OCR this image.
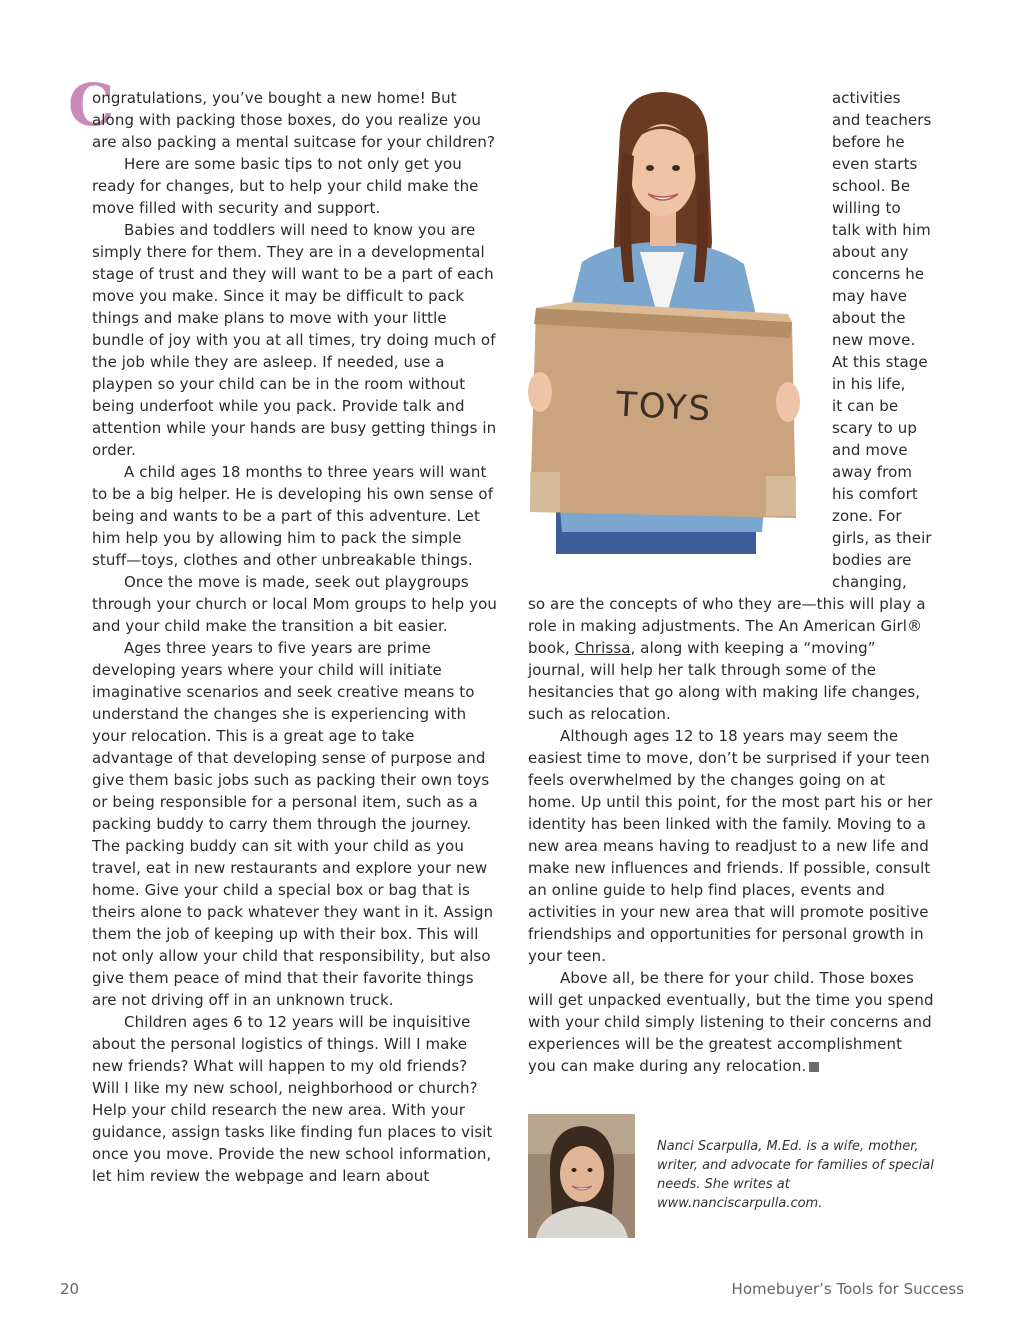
C

ongratulations, you’ve bought a new home! But along with packing those boxes, do you realize you are also packing a mental suitcase for your children?

Here are some basic tips to not only get you ready for changes, but to help your child make the move filled with security and support.

Babies and toddlers will need to know you are simply there for them. They are in a developmental stage of trust and they will want to be a part of each move you make. Since it may be difficult to pack things and make plans to move with your little bundle of joy with you at all times, try doing much of the job while they are asleep. If needed, use a playpen so your child can be in the room without being underfoot while you pack. Provide talk and attention while your hands are busy getting things in order.

A child ages 18 months to three years will want to be a big helper. He is developing his own sense of being and wants to be a part of this adventure. Let him help you by allowing him to pack the simple stuff—toys, clothes and other unbreakable things.

Once the move is made, seek out playgroups through your church or local Mom groups to help you and your child make the transition a bit easier.

Ages three years to five years are prime developing years where your child will initiate imaginative scenarios and seek creative means to understand the changes she is experiencing with your relocation. This is a great age to take advantage of that developing sense of purpose and give them basic jobs such as packing their own toys or being responsible for a personal item, such as a packing buddy to carry them through the journey. The packing buddy can sit with your child as you travel, eat in new restaurants and explore your new home. Give your child a special box or bag that is theirs alone to pack whatever they want in it. Assign them the job of keeping up with their box. This will not only allow your child that responsibility, but also give them peace of mind that their favorite things are not driving off in an unknown truck.

Children ages 6 to 12 years will be inquisitive about the personal logistics of things. Will I make new friends? What will happen to my old friends? Will I like my new school, neighborhood or church? Help your child research the new area. With your guidance, assign tasks like finding fun places to visit once you move. Provide the new school information, let him review the webpage and learn about

TOYS
activities
and teachers
before he
even starts
school. Be
willing to
talk with him
about any
concerns he
may have
about the
new move.
At this stage
in his life,
it can be
scary to up
and move
away from
his comfort
zone. For
girls, as their
bodies are
changing,

so are the concepts of who they are—this will play a role in making adjustments. The An American Girl® book, Chrissa, along with keeping a “moving” journal, will help her talk through some of the hesitancies that go along with making life changes, such as relocation.

Although ages 12 to 18 years may seem the easiest time to move, don’t be surprised if your teen feels overwhelmed by the changes going on at home. Up until this point, for the most part his or her identity has been linked with the family. Moving to a new area means having to readjust to a new life and make new influences and friends. If possible, consult an online guide to help find places, events and activities in your new area that will promote positive friendships and opportunities for personal growth in your teen.

Above all, be there for your child. Those boxes will get unpacked eventually, but the time you spend with your child simply listening to their concerns and experiences will be the greatest accomplishment you can make during any relocation.

Nanci Scarpulla, M.Ed. is a wife, mother, writer, and advocate for families of special needs. She writes at www.nanciscarpulla.com.
20	Homebuyer’s Tools for Success
